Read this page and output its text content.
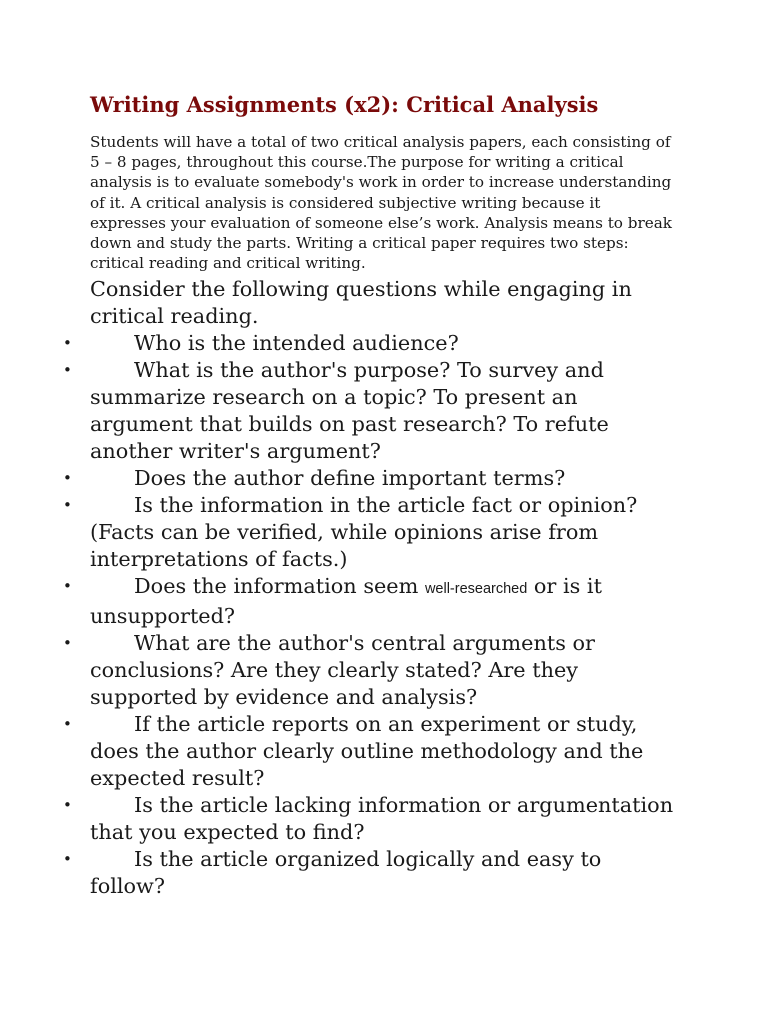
Writing Assignments (x2): Critical Analysis

Students will have a total of two critical analysis papers, each consisting of 5 – 8 pages, throughout this course.The purpose for writing a critical analysis is to evaluate somebody's work in order to increase understanding of it. A critical analysis is considered subjective writing because it expresses your evaluation of someone else’s work. Analysis means to break down and study the parts. Writing a critical paper requires two steps: critical reading and critical writing.

Consider the following questions while engaging in critical reading.

•	Who is the intended audience?
•	What is the author's purpose? To survey and summarize research on a topic? To present an argument that builds on past research? To refute another writer's argument?
•	Does the author define important terms?
•	Is the information in the article fact or opinion? (Facts can be verified, while opinions arise from interpretations of facts.)
•	Does the information seem well-researched or is it unsupported?
•	What are the author's central arguments or conclusions? Are they clearly stated? Are they supported by evidence and analysis?
•	If the article reports on an experiment or study, does the author clearly outline methodology and the expected result?
•	Is the article lacking information or argumentation that you expected to find?
•	Is the article organized logically and easy to follow?
